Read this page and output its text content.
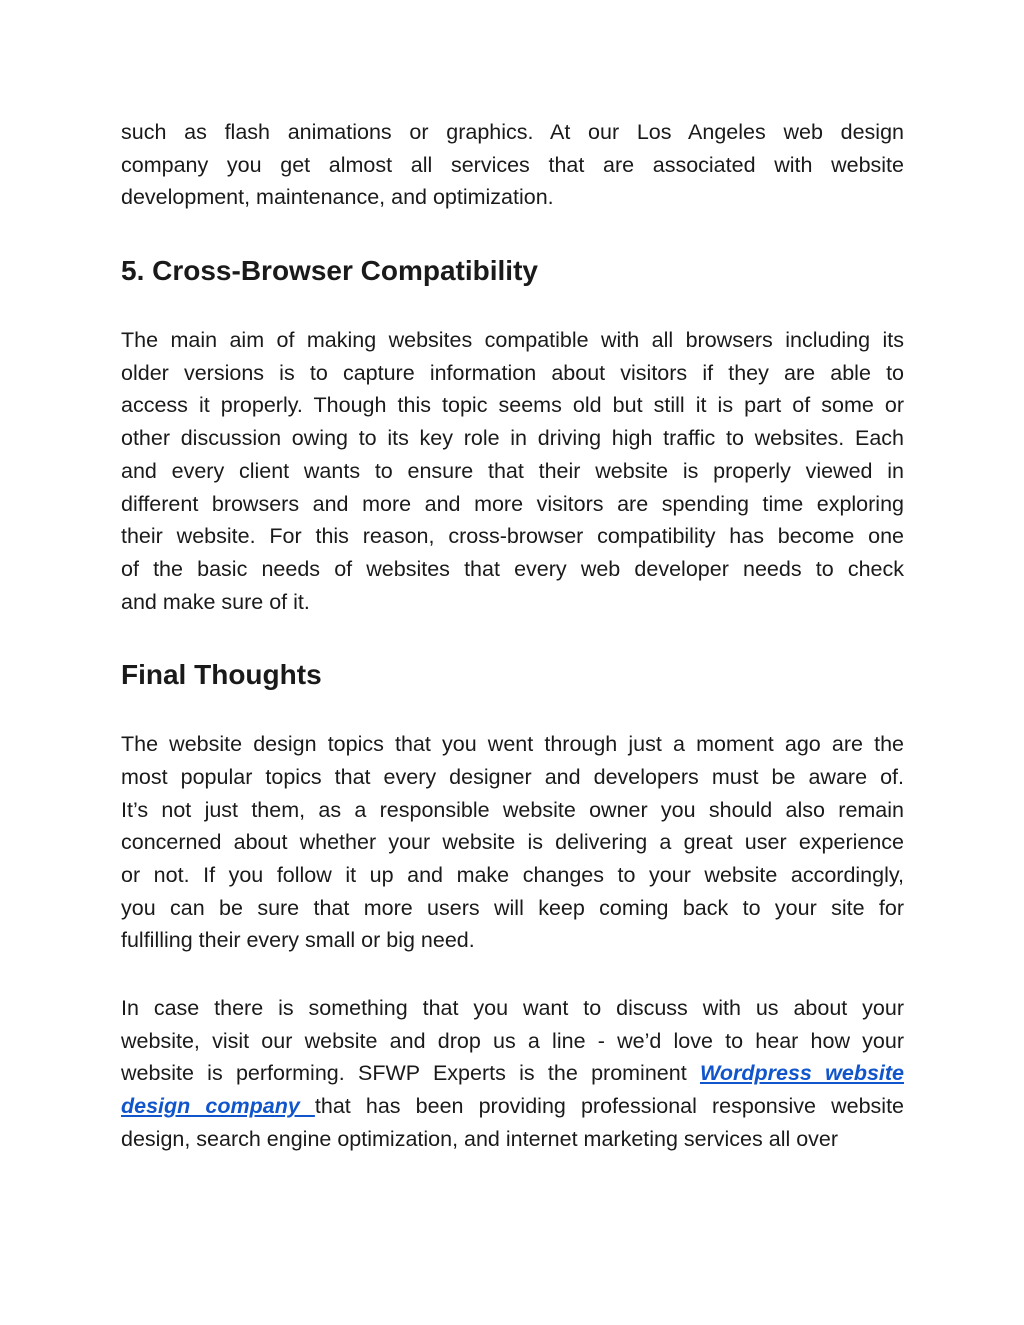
such as flash animations or graphics. At our Los Angeles web design
company you get almost all services that are associated with website
development, maintenance, and optimization.
5. Cross-Browser Compatibility
The main aim of making websites compatible with all browsers including its
older versions is to capture information about visitors if they are able to
access it properly. Though this topic seems old but still it is part of some or
other discussion owing to its key role in driving high traffic to websites. Each
and every client wants to ensure that their website is properly viewed in
different browsers and more and more visitors are spending time exploring
their website. For this reason, cross-browser compatibility has become one
of the basic needs of websites that every web developer needs to check
and make sure of it.
Final Thoughts
The website design topics that you went through just a moment ago are the
most popular topics that every designer and developers must be aware of.
It’s not just them, as a responsible website owner you should also remain
concerned about whether your website is delivering a great user experience
or not. If you follow it up and make changes to your website accordingly,
you can be sure that more users will keep coming back to your site for
fulfilling their every small or big need.
In case there is something that you want to discuss with us about your
website, visit our website and drop us a line - we’d love to hear how your
website is performing. SFWP Experts is the prominent Wordpress website
design company that has been providing professional responsive website
design, search engine optimization, and internet marketing services all over
